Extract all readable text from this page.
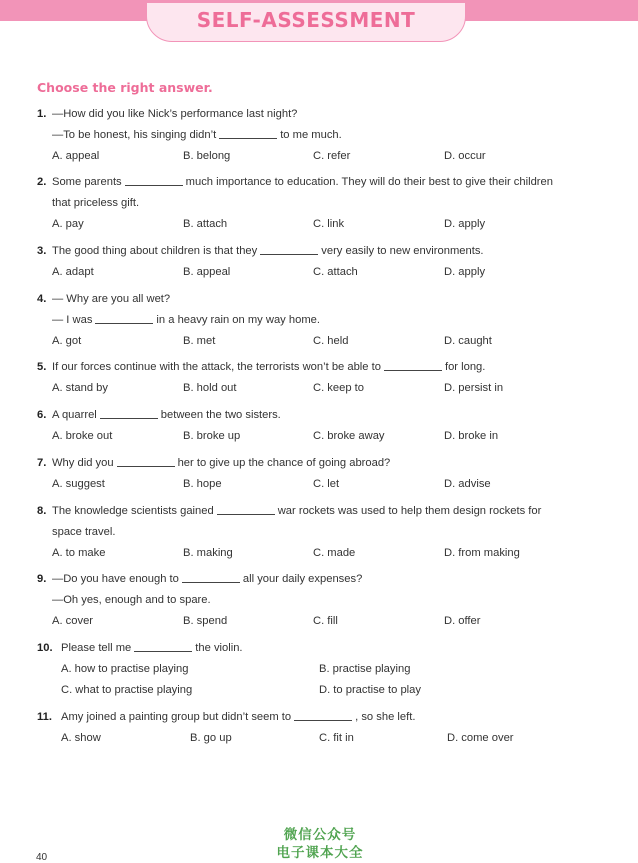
SELF-ASSESSMENT
Choose the right answer.
1. —How did you like Nick’s performance last night?
—To be honest, his singing didn’t	to me much.
A. appeal	B. belong	C. refer	D. occur
2. Some parents	much importance to education. They will do their best to give their children
that priceless gift.
A. pay	B. attach	C. link	D. apply
3. The good thing about children is that they	very easily to new environments.
A. adapt	B. appeal	C. attach	D. apply
4. — Why are you all wet?
— I was	in a heavy rain on my way home.
A. got	B. met	C. held	D. caught
5. If our forces continue with the attack, the terrorists won’t be able to	for long.
A. stand by	B. hold out	C. keep to	D. persist in
6. A quarrel	between the two sisters.
A. broke out	B. broke up	C. broke away	D. broke in
7. Why did you	her to give up the chance of going abroad?
A. suggest	B. hope	C. let	D. advise
8. The knowledge scientists gained	war rockets was used to help them design rockets for
space travel.
A. to make	B. making	C. made	D. from making
9. —Do you have enough to	all your daily expenses?
—Oh yes, enough and to spare.
A. cover	B. spend	C. fill	D. offer
10. Please tell me	the violin.
A. how to practise playing	B. practise playing
C. what to practise playing	D. to practise to play
11. Amy joined a painting group but didn’t seem to	, so she left.
A. show	B. go up	C. fit in	D. come over
微信公众号
电子课本大全
40
